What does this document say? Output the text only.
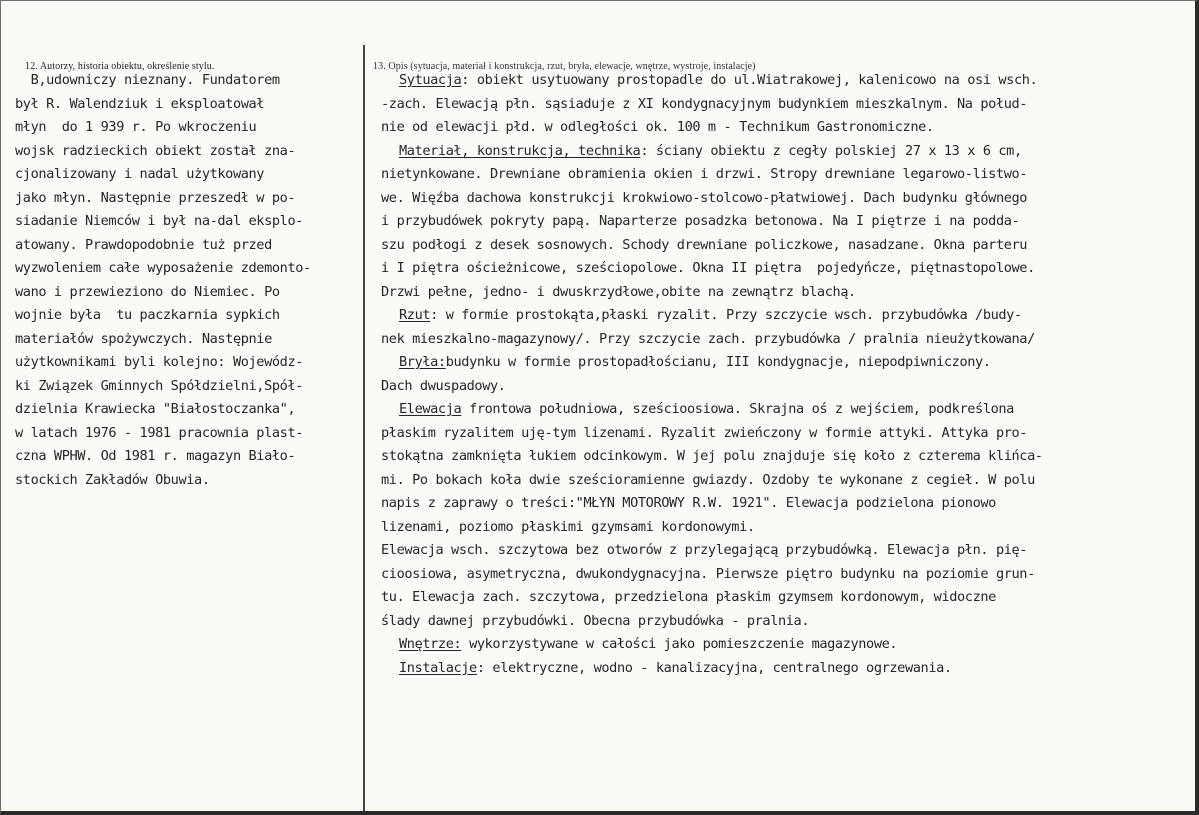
12. Autorzy, historia obiektu, określenie stylu.	13. Opis (sytuacja, materiał i konstrukcja, rzut, bryła, elewacje, wnętrze, wystroje, instalacje)
B,udowniczy nieznany. Fundatorem
był R. Walendziuk i eksploatował
młyn  do 1 939 r. Po wkroczeniu
wojsk radzieckich obiekt został zna-
cjonalizowany i nadal użytkowany
jako młyn. Następnie przeszedł w po-
siadanie Niemców i był na-dal eksplo-
atowany. Prawdopodobnie tuż przed
wyzwoleniem całe wyposażenie zdemonto-
wano i przewieziono do Niemiec. Po
wojnie była  tu paczkarnia sypkich
materiałów spożywczych. Następnie
użytkownikami byli kolejno: Wojewódz-
ki Związek Gminnych Spółdzielni,Spół-
dzielnia Krawiecka "Białostoczanka",
w latach 1976 - 1981 pracownia plast-
czna WPHW. Od 1981 r. magazyn Biało-
stockich Zakładów Obuwia.
Sytuacja: obiekt usytuowany prostopadle do ul.Wiatrakowej, kalenicowo na osi wsch.
-zach. Elewacją płn. sąsiaduje z XI kondygnacyjnym budynkiem mieszkalnym. Na połud-
nie od elewacji płd. w odległości ok. 100 m - Technikum Gastronomiczne.
Materiał, konstrukcja, technika: ściany obiektu z cegły polskiej 27 x 13 x 6 cm,
nietynkowane. Drewniane obramienia okien i drzwi. Stropy drewniane legarowo-listwo-
we. Więźba dachowa konstrukcji krokwiowo-stolcowo-płatwiowej. Dach budynku głównego
i przybudówek pokryty papą. Naparterze posadzka betonowa. Na I piętrze i na podda-
szu podłogi z desek sosnowych. Schody drewniane policzkowe, nasadzane. Okna parteru
i I piętra ościeżnicowe, sześciopolowe. Okna II piętra  pojedyńcze, piętnastopolowe.
Drzwi pełne, jedno- i dwuskrzydłowe,obite na zewnątrz blachą.
Rzut: w formie prostokąta,płaski ryzalit. Przy szczycie wsch. przybudówka /budy-
nek mieszkalno-magazynowy/. Przy szczycie zach. przybudówka / pralnia nieużytkowana/
Bryła:budynku w formie prostopadłościanu, III kondygnacje, niepodpiwniczony.
Dach dwuspadowy.
Elewacja frontowa południowa, sześcioosiowa. Skrajna oś z wejściem, podkreślona
płaskim ryzalitem uję-tym lizenami. Ryzalit zwieńczony w formie attyki. Attyka pro-
stokątna zamknięta łukiem odcinkowym. W jej polu znajduje się koło z czterema klińca-
mi. Po bokach koła dwie sześcioramienne gwiazdy. Ozdoby te wykonane z cegieł. W polu
napis z zaprawy o treści:"MŁYN MOTOROWY R.W. 1921". Elewacja podzielona pionowo
lizenami, poziomo płaskimi gzymsami kordonowymi.
Elewacja wsch. szczytowa bez otworów z przylegającą przybudówką. Elewacja płn. pię-
cioosiowa, asymetryczna, dwukondygnacyjna. Pierwsze piętro budynku na poziomie grun-
tu. Elewacja zach. szczytowa, przedzielona płaskim gzymsem kordonowym, widoczne
ślady dawnej przybudówki. Obecna przybudówka - pralnia.
Wnętrze: wykorzystywane w całości jako pomieszczenie magazynowe.
Instalacje: elektryczne, wodno - kanalizacyjna, centralnego ogrzewania.
